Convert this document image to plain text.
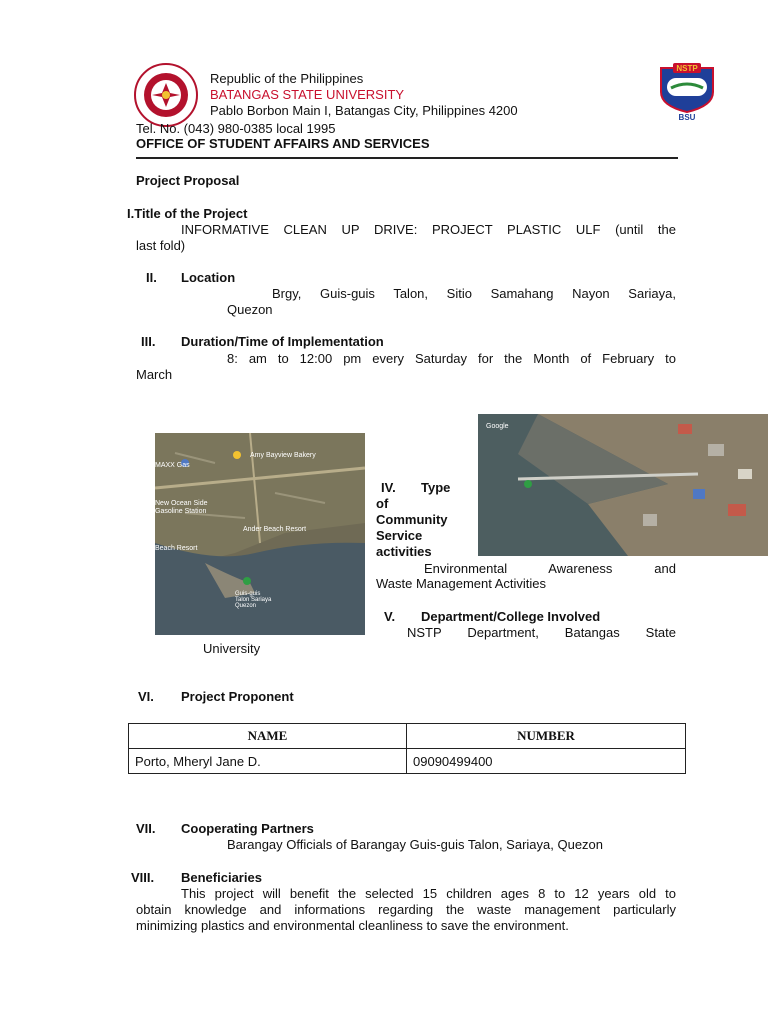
NSTP
BSU
Republic of the Philippines
BATANGAS STATE UNIVERSITY
Pablo Borbon Main I, Batangas City, Philippines 4200
Tel. No. (043) 980-0385 local 1995
OFFICE OF STUDENT AFFAIRS AND SERVICES
Project Proposal
I.Title of the Project
INFORMATIVE CLEAN UP DRIVE: PROJECT PLASTIC ULF (until the
last fold)
II. Location
Brgy, Guis-guis Talon, Sitio Samahang Nayon Sariaya,
Quezon
III. Duration/Time of Implementation
8: am to 12:00 pm every Saturday for the Month of February to
March
Amy Bayview Bakery
MAXX Gas
New Ocean Side
Gasoline Station
Ander Beach Resort
Beach Resort
Guis-guis
Talon Sariaya
Quezon
Google
IV. Type
of
Community
Service
activities
Environmental Awareness and
Waste Management Activities
V. Department/College Involved
NSTP Department, Batangas State
University
VI. Project Proponent
NAME	NUMBER
Porto, Mheryl Jane D.	09090499400
VII. Cooperating Partners
Barangay Officials of Barangay Guis-guis Talon, Sariaya, Quezon
VIII. Beneficiaries
This project will benefit the selected 15 children ages 8 to 12 years old to
obtain knowledge and informations regarding the waste management particularly
minimizing plastics and environmental cleanliness to save the environment.
